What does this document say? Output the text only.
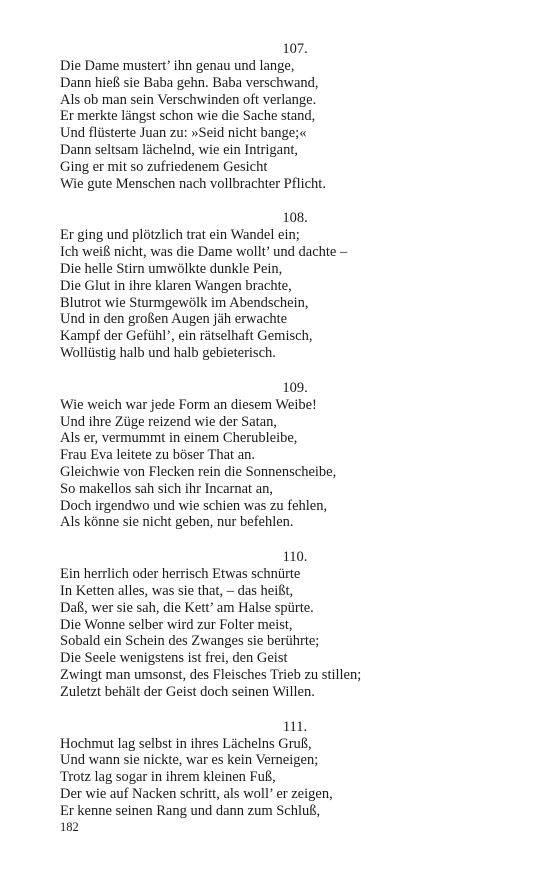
107.
Die Dame mustert’ ihn genau und lange,
Dann hieß sie Baba gehn. Baba verschwand,
Als ob man sein Verschwinden oft verlange.
Er merkte längst schon wie die Sache stand,
Und flüsterte Juan zu: »Seid nicht bange;«
Dann seltsam lächelnd, wie ein Intrigant,
Ging er mit so zufriedenem Gesicht
Wie gute Menschen nach vollbrachter Pflicht.
108.
Er ging und plötzlich trat ein Wandel ein;
Ich weiß nicht, was die Dame wollt’ und dachte –
Die helle Stirn umwölkte dunkle Pein,
Die Glut in ihre klaren Wangen brachte,
Blutrot wie Sturmgewölk im Abendschein,
Und in den großen Augen jäh erwachte
Kampf der Gefühl’, ein rätselhaft Gemisch,
Wollüstig halb und halb gebieterisch.
109.
Wie weich war jede Form an diesem Weibe!
Und ihre Züge reizend wie der Satan,
Als er, vermummt in einem Cherubleibe,
Frau Eva leitete zu böser That an.
Gleichwie von Flecken rein die Sonnenscheibe,
So makellos sah sich ihr Incarnat an,
Doch irgendwo und wie schien was zu fehlen,
Als könne sie nicht geben, nur befehlen.
110.
Ein herrlich oder herrisch Etwas schnürte
In Ketten alles, was sie that, – das heißt,
Daß, wer sie sah, die Kett’ am Halse spürte.
Die Wonne selber wird zur Folter meist,
Sobald ein Schein des Zwanges sie berührte;
Die Seele wenigstens ist frei, den Geist
Zwingt man umsonst, des Fleisches Trieb zu stillen;
Zuletzt behält der Geist doch seinen Willen.
111.
Hochmut lag selbst in ihres Lächelns Gruß,
Und wann sie nickte, war es kein Verneigen;
Trotz lag sogar in ihrem kleinen Fuß,
Der wie auf Nacken schritt, als woll’ er zeigen,
Er kenne seinen Rang und dann zum Schluß,
182
